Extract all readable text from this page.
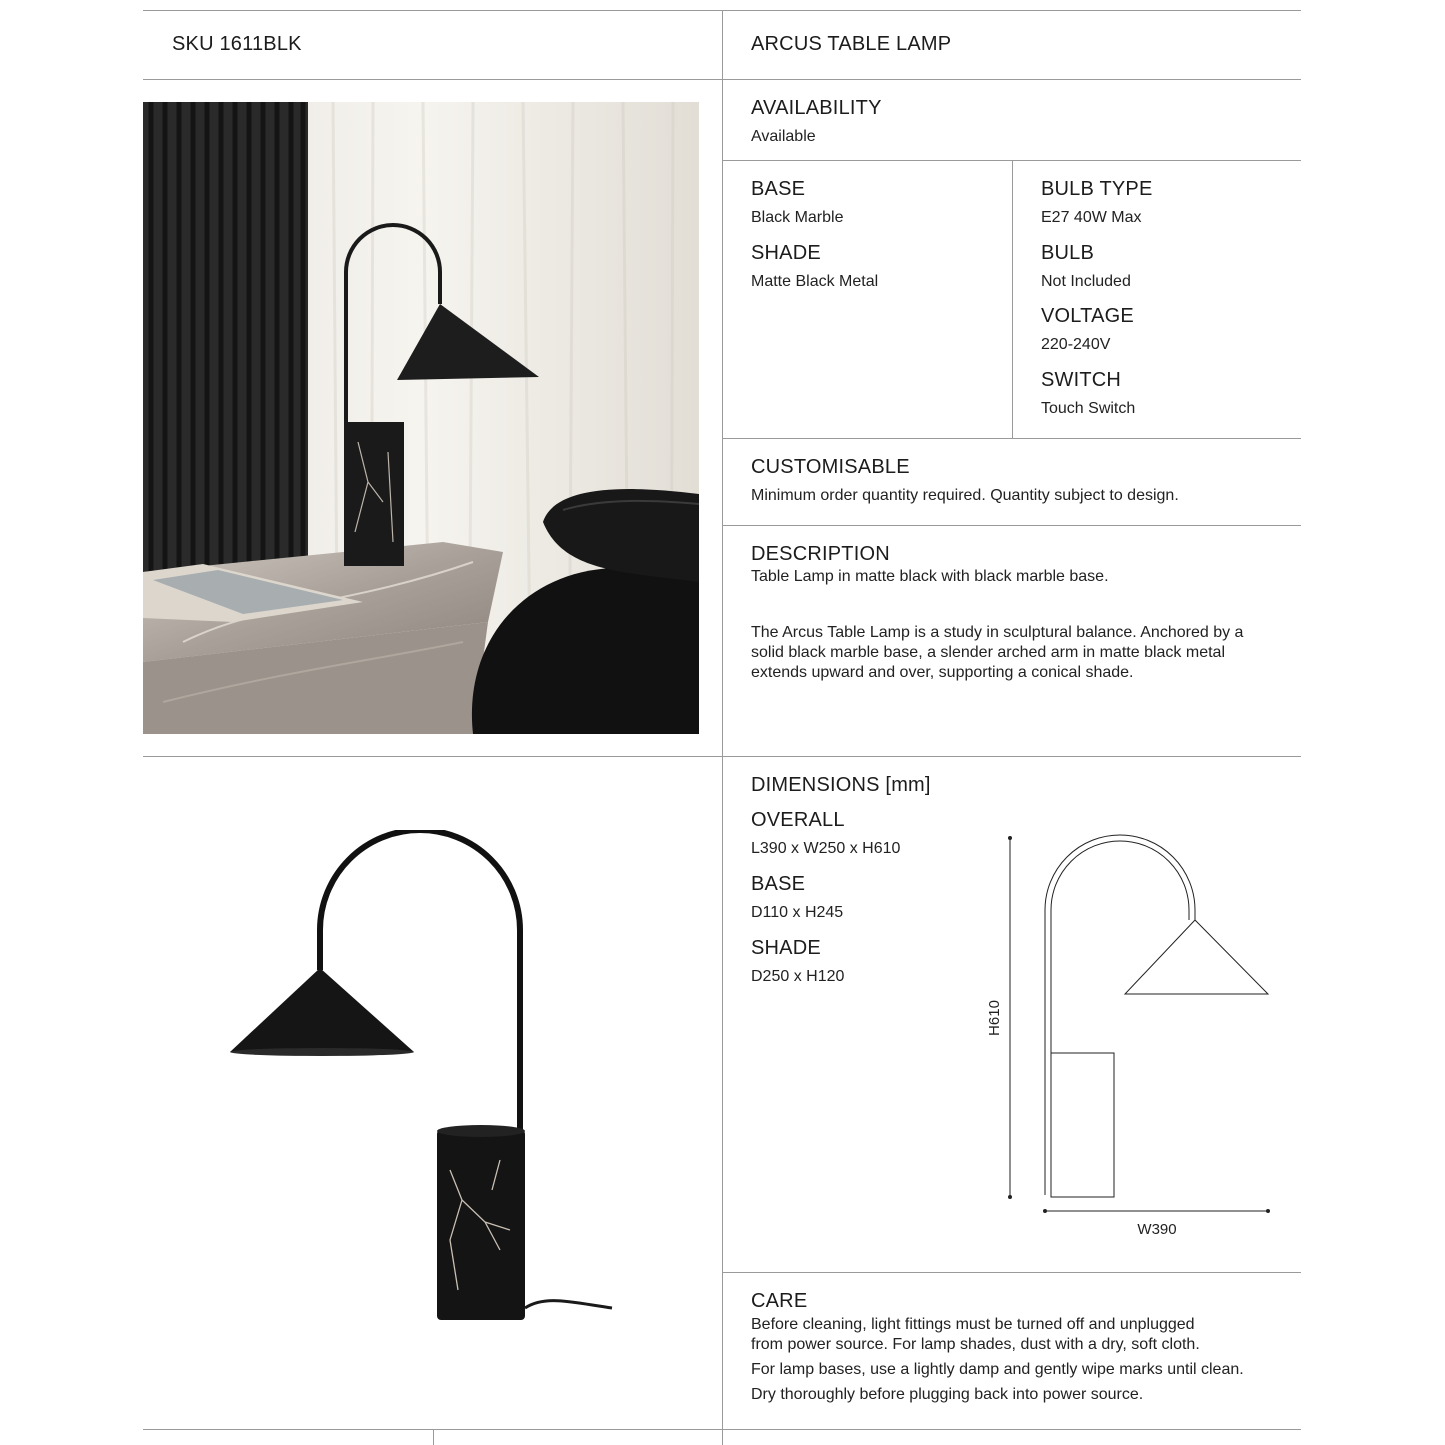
SKU 1611BLK	ARCUS TABLE LAMP
AVAILABILITY
Available
BASE
Black Marble
SHADE
Matte Black Metal
BULB TYPE
E27 40W Max
BULB
Not Included
VOLTAGE
220-240V
SWITCH
Touch Switch
CUSTOMISABLE
Minimum order quantity required. Quantity subject to design.
DESCRIPTION
Table Lamp in matte black with black marble base.
The Arcus Table Lamp is a study in sculptural balance. Anchored by a solid black marble base, a slender arched arm in matte black metal extends upward and over, supporting a conical shade.
DIMENSIONS [mm]
OVERALL
L390 x W250 x H610
BASE
D110 x H245
SHADE
D250 x H120
CARE
Before cleaning, light fittings must be turned off and unplugged
from power source. For lamp shades, dust with a dry, soft cloth.
For lamp bases, use a lightly damp and gently wipe marks until clean.
Dry thoroughly before plugging back into power source.
H610
W390
